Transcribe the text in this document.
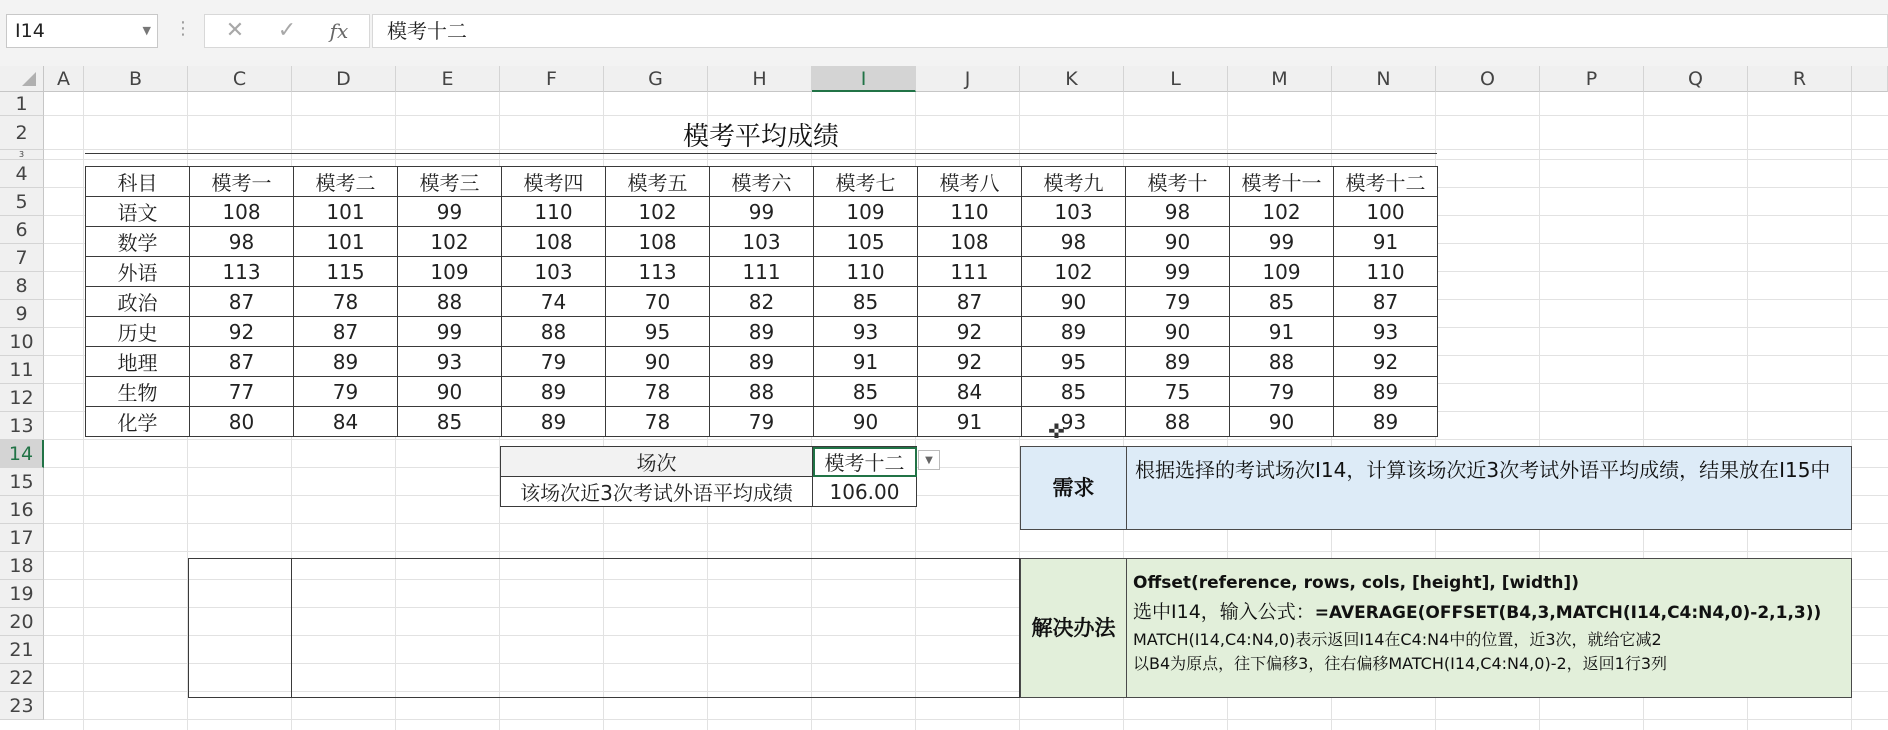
I14	▼ ⋮	✕	✓	fx	模考十二
A	B	C	D	E	F	G	H	I	J	K	L	M	N	O	P	Q	R
1
2
3
4
5
6
7
8
9
10
11
12
13
14
15
16
17
18
19
20
21
22
23
模考平均成绩
科目	模考一	模考二	模考三	模考四	模考五	模考六	模考七	模考八	模考九	模考十	模考十一	模考十二
语文	108	101	99	110	102	99	109	110	103	98	102	100
数学	98	101	102	108	108	103	105	108	98	90	99	91
外语	113	115	109	103	113	111	110	111	102	99	109	110
政治	87	78	88	74	70	82	85	87	90	79	85	87
历史	92	87	99	88	95	89	93	92	89	90	91	93
地理	87	89	93	79	90	89	91	92	95	89	88	92
生物	77	79	90	89	78	88	85	84	85	75	79	89
化学	80	84	85	89	78	79	90	91	93	88	90	89
场次	模考十二
该场次近3次考试外语平均成绩	106.00
▼
需求
根据选择的考试场次I14，计算该场次近3次考试外语平均成绩，结果放在I15中
解决办法
Offset(reference, rows, cols, [height], [width])
选中I14，输入公式：=AVERAGE(OFFSET(B4,3,MATCH(I14,C4:N4,0)-2,1,3))
MATCH(I14,C4:N4,0)表示返回I14在C4:N4中的位置，近3次，就给它减2
以B4为原点，往下偏移3，往右偏移MATCH(I14,C4:N4,0)-2，返回1行3列
✜
